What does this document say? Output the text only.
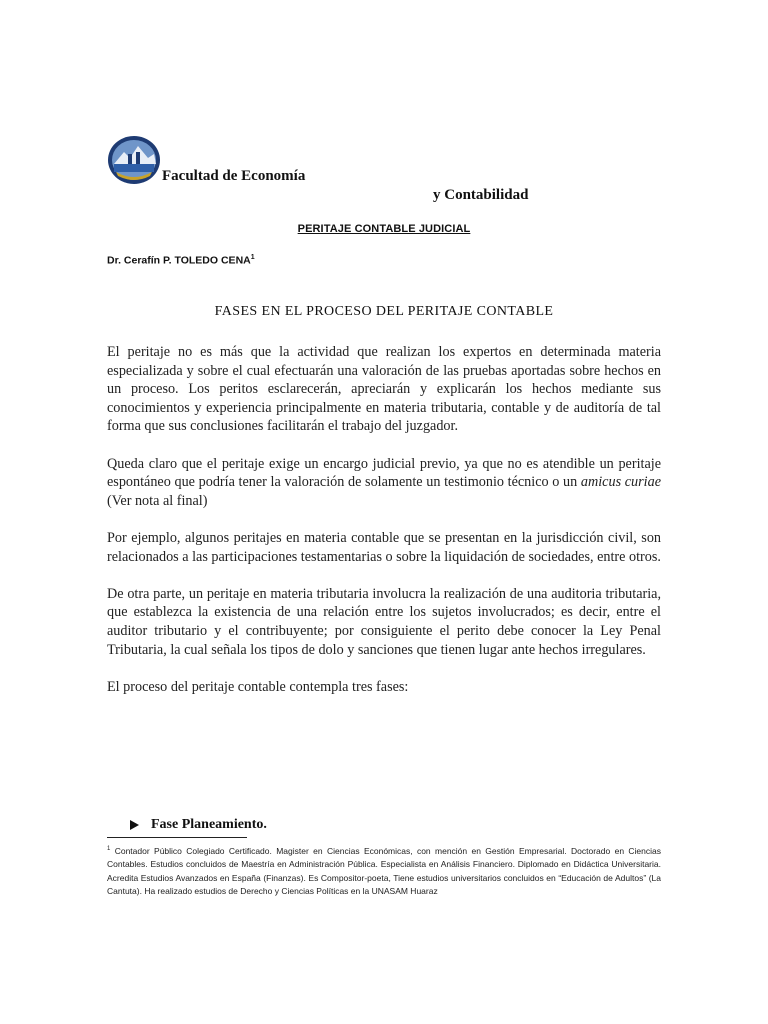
Facultad de Economía
y Contabilidad
PERITAJE CONTABLE JUDICIAL
Dr. Cerafín P. TOLEDO CENA$^1$
FASES EN EL PROCESO DEL PERITAJE CONTABLE

El peritaje no es más que la actividad que realizan los expertos en determinada materia especializada y sobre el cual efectuarán una valoración de las pruebas aportadas sobre hechos en un proceso. Los peritos esclarecerán, apreciarán y explicarán los hechos mediante sus conocimientos y experiencia principalmente en materia tributaria, contable y de auditoría de tal forma que sus conclusiones facilitarán el trabajo del juzgador.

Queda claro que el peritaje exige un encargo judicial previo, ya que no es atendible un peritaje espontáneo que podría tener la valoración de solamente un testimonio técnico o un amicus curiae (Ver nota al final)

Por ejemplo, algunos peritajes en materia contable que se presentan en la jurisdicción civil, son relacionados a las participaciones testamentarias o sobre la liquidación de sociedades, entre otros.

De otra parte, un peritaje en materia tributaria involucra la realización de una auditoria tributaria, que establezca la existencia de una relación entre los sujetos involucrados; es decir, entre el auditor tributario y el contribuyente; por consiguiente el perito debe conocer la Ley Penal Tributaria, la cual señala los tipos de dolo y sanciones que tienen lugar ante hechos irregulares.

El proceso del peritaje contable contempla tres fases:

Fase Planeamiento.
$^1$ Contador Público Colegiado Certificado. Magister en Ciencias Económicas, con mención en Gestión Empresarial. Doctorado en Ciencias Contables. Estudios concluidos de Maestría en Administración Pública. Especialista en Análisis Financiero. Diplomado en Didáctica Universitaria. Acredita Estudios Avanzados en España (Finanzas). Es Compositor-poeta, Tiene estudios universitarios concluidos en “Educación de Adultos” (La Cantuta). Ha realizado estudios de Derecho y Ciencias Políticas en la UNASAM Huaraz
